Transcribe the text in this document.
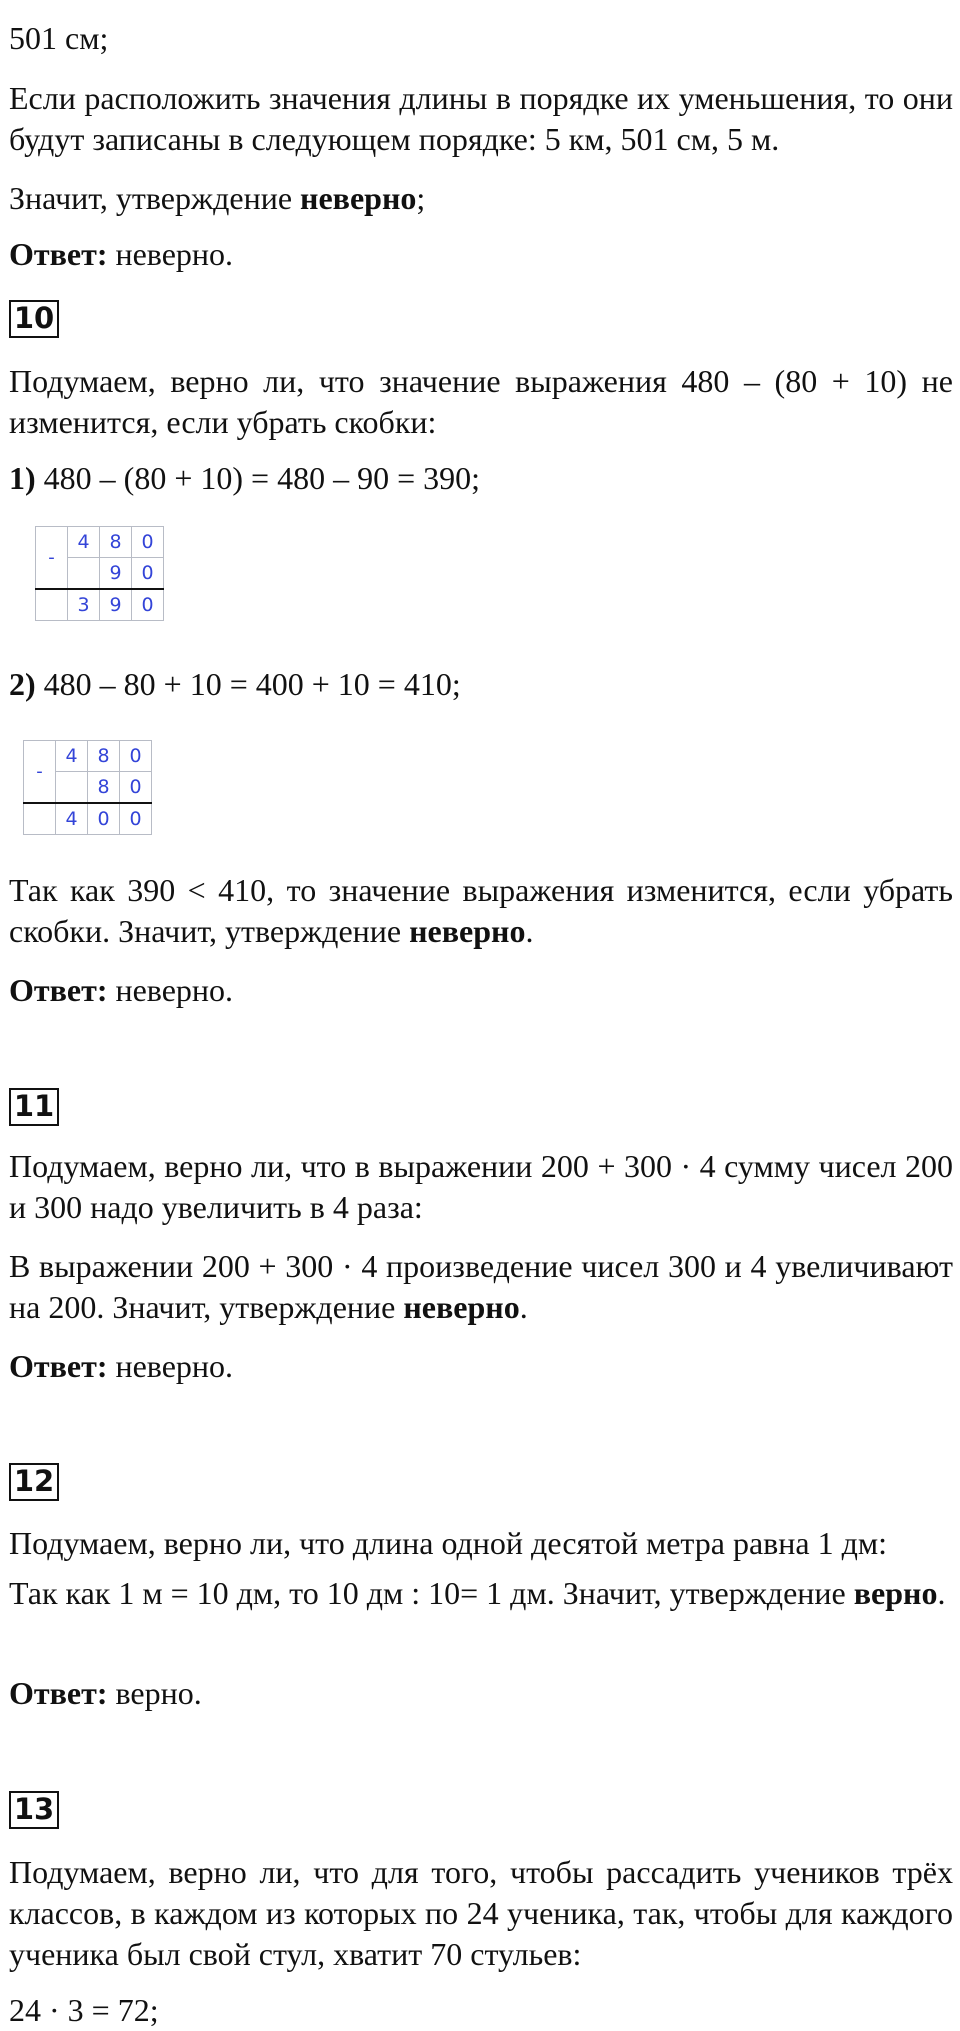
501 см;

Если расположить значения длины в порядке их уменьшения, то они будут записаны в следующем порядке: 5 км, 501 см, 5 м.

Значит, утверждение неверно;

Ответ: неверно.

10

Подумаем, верно ли, что значение выражения 480 – (80 + 10) не изменится, если убрать скобки:

1) 480 – (80 + 10) = 480 – 90 = 390;

-	4	8	0
		9	0
	3	9	0

2) 480 – 80 + 10 = 400 + 10 = 410;

-	4	8	0
		8	0
	4	0	0

Так как 390 < 410, то значение выражения изменится, если убрать скобки. Значит, утверждение неверно.

Ответ: неверно.

11

Подумаем, верно ли, что в выражении 200 + 300 · 4 сумму чисел 200 и 300 надо увеличить в 4 раза:

В выражении 200 + 300 · 4 произведение чисел 300 и 4 увеличивают на 200. Значит, утверждение неверно.

Ответ: неверно.

12

Подумаем, верно ли, что длина одной десятой метра равна 1 дм:

Так как 1 м = 10 дм, то 10 дм : 10= 1 дм. Значит, утверждение верно.

Ответ: верно.

13

Подумаем, верно ли, что для того, чтобы рассадить учеников трёх классов, в каждом из которых по 24 ученика, так, чтобы для каждого ученика был свой стул, хватит 70 стульев:

24 · 3 = 72;
